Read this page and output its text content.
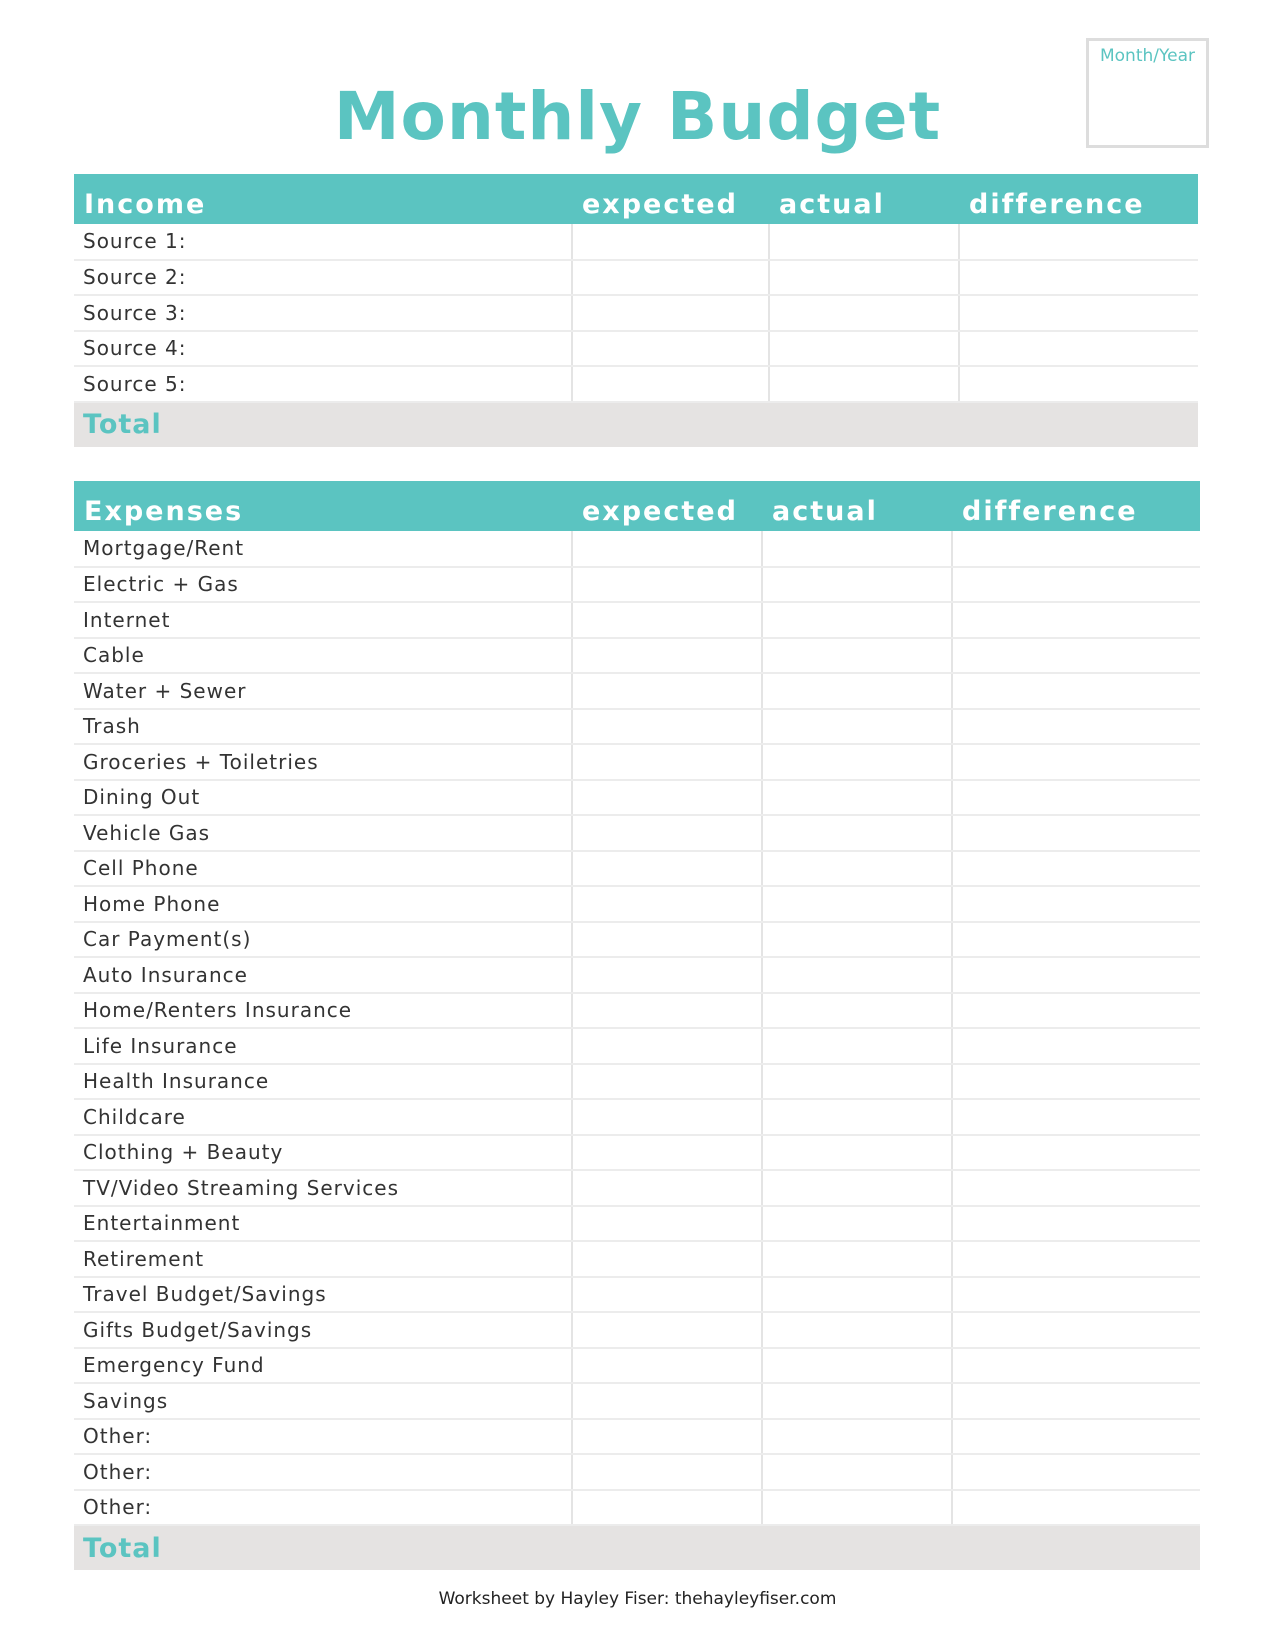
Monthly Budget
Month/Year
Income	expected	actual	difference
Source 1:			
Source 2:			
Source 3:			
Source 4:			
Source 5:			
Total			
Expenses	expected	actual	difference
Mortgage/Rent			
Electric + Gas			
Internet			
Cable			
Water + Sewer			
Trash			
Groceries + Toiletries			
Dining Out			
Vehicle Gas			
Cell Phone			
Home Phone			
Car Payment(s)			
Auto Insurance			
Home/Renters Insurance			
Life Insurance			
Health Insurance			
Childcare			
Clothing + Beauty			
TV/Video Streaming Services			
Entertainment			
Retirement			
Travel Budget/Savings			
Gifts Budget/Savings			
Emergency Fund			
Savings			
Other:			
Other:			
Other:			
Total			

Worksheet by Hayley Fiser: thehayleyfiser.com
